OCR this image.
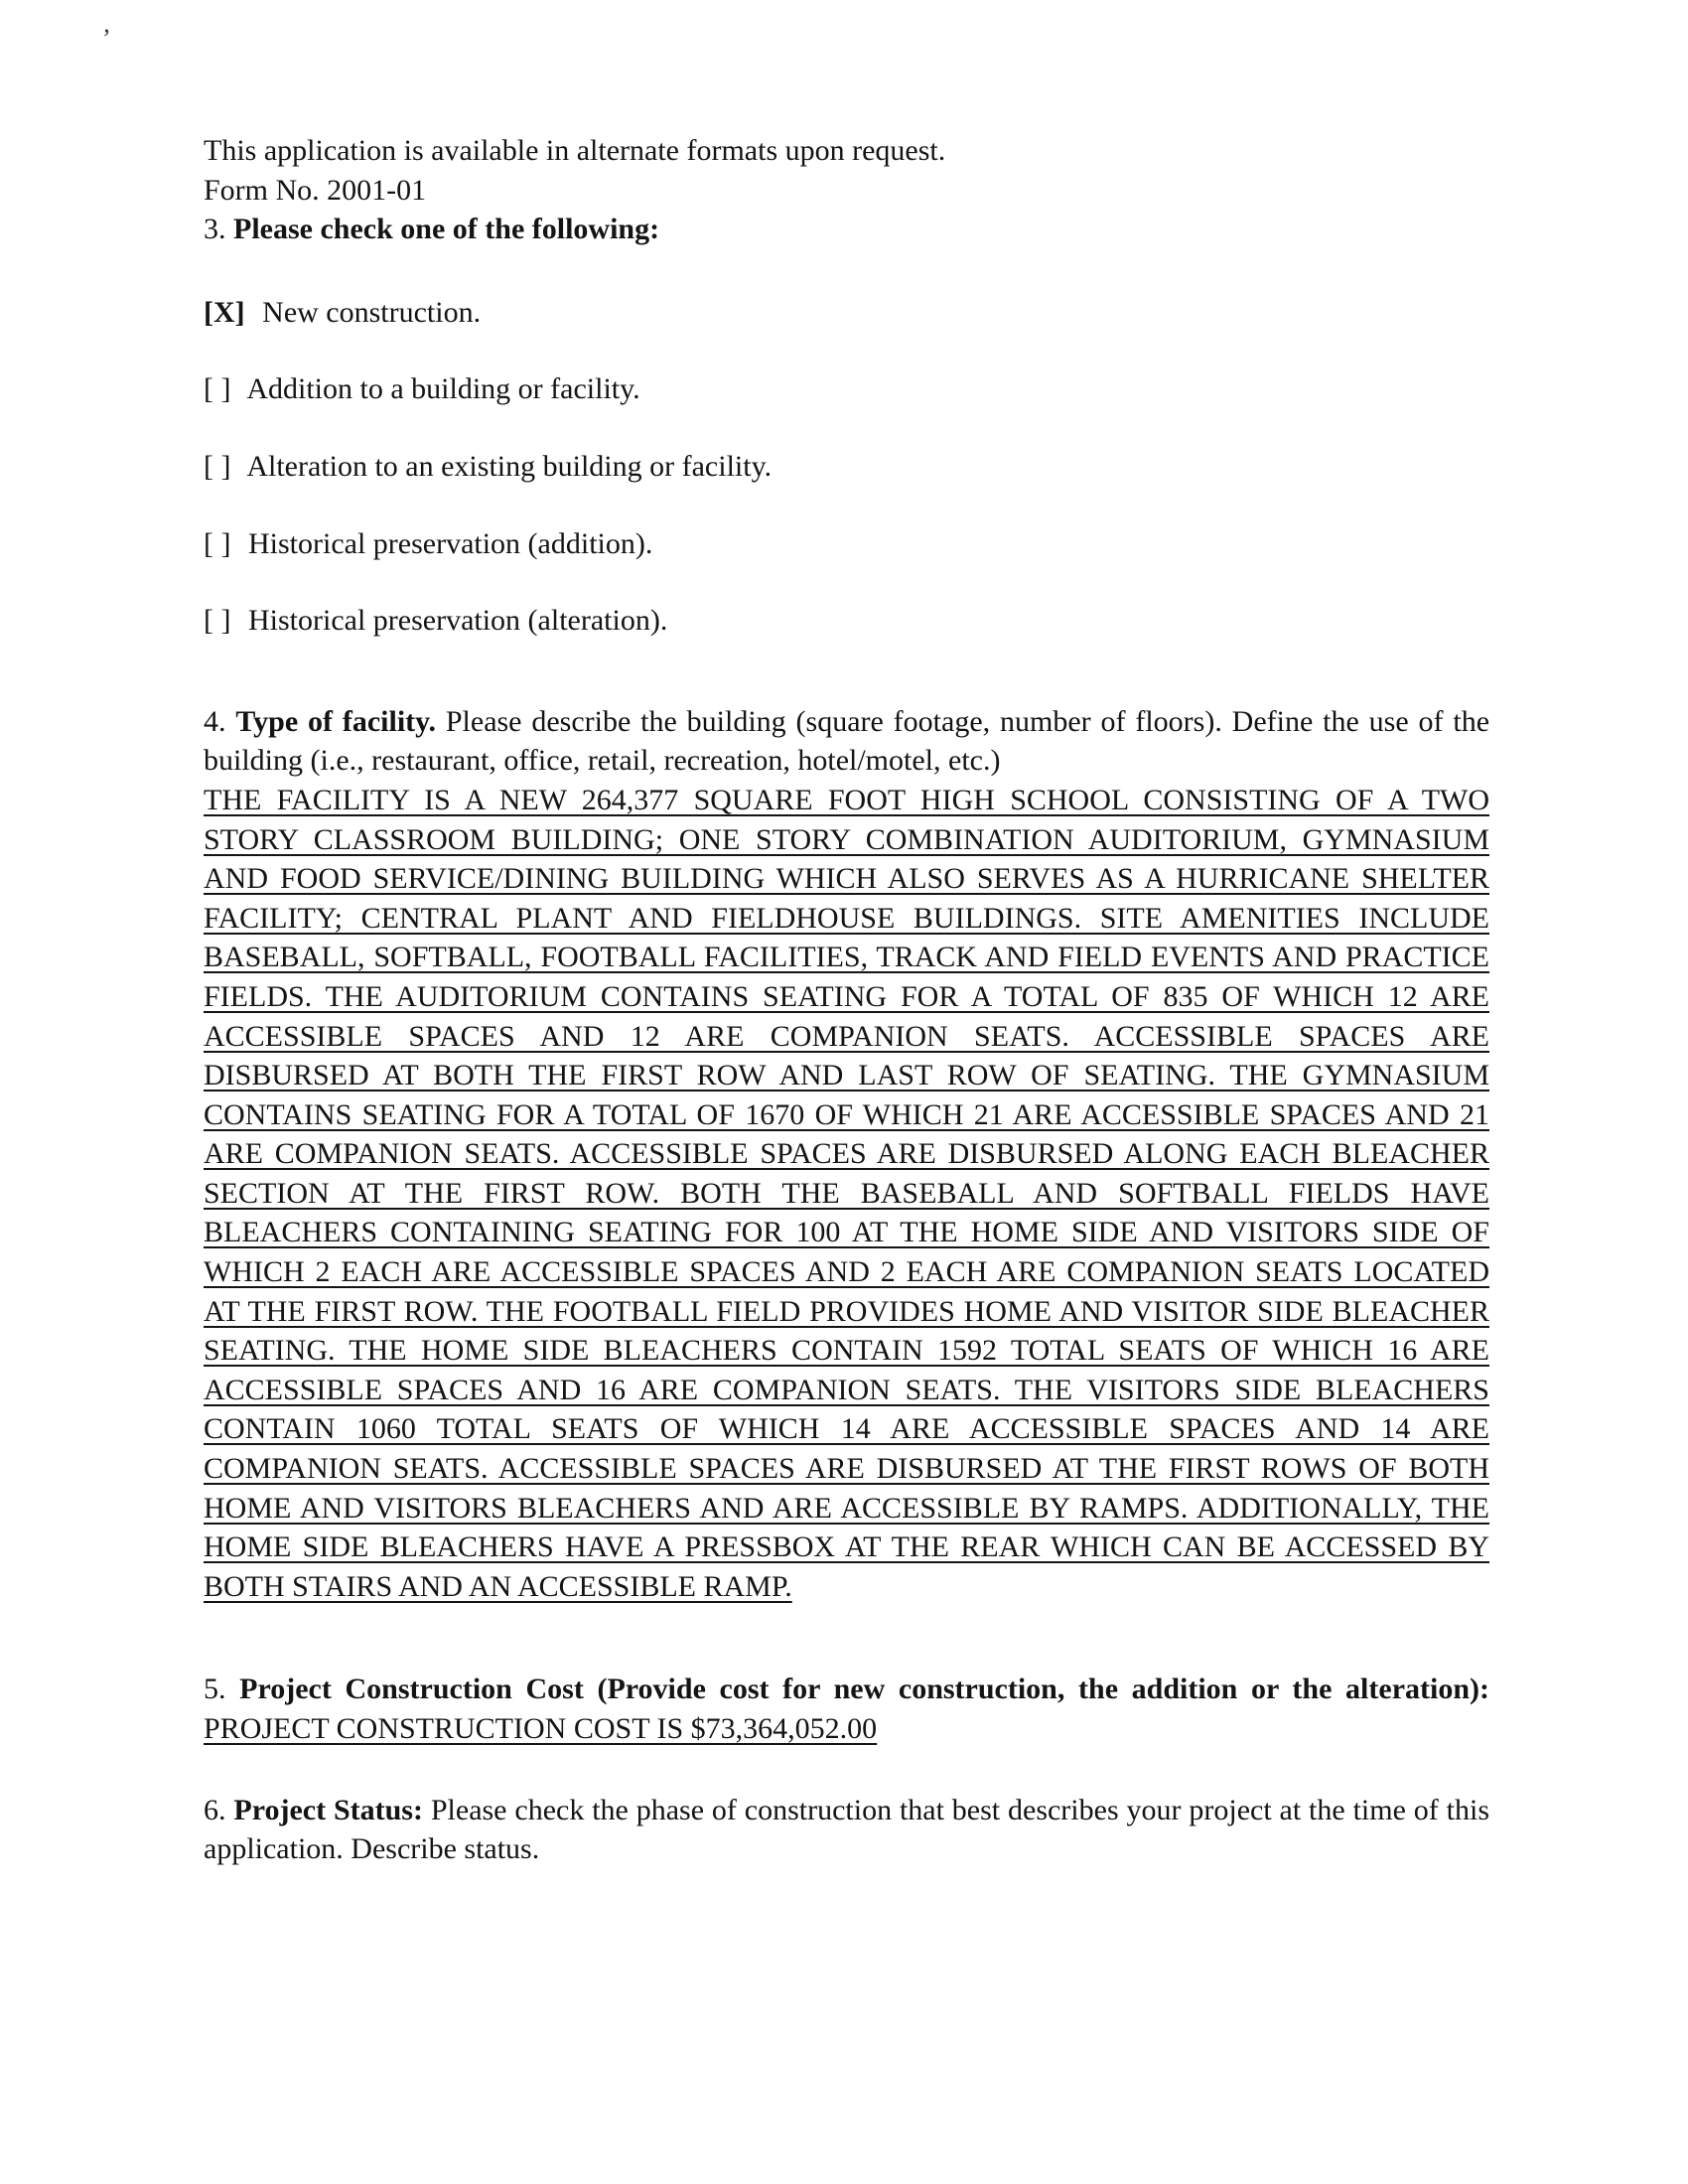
’

This application is available in alternate formats upon request.
Form No. 2001-01
3. Please check one of the following:

[X] New construction.
[ ] Addition to a building or facility.
[ ] Alteration to an existing building or facility.
[ ] Historical preservation (addition).
[ ] Historical preservation (alteration).

4. Type of facility. Please describe the building (square footage, number of floors). Define the use of the building (i.e., restaurant, office, retail, recreation, hotel/motel, etc.)

THE FACILITY IS A NEW 264,377 SQUARE FOOT HIGH SCHOOL CONSISTING OF A TWO STORY CLASSROOM BUILDING; ONE STORY COMBINATION AUDITORIUM, GYMNASIUM AND FOOD SERVICE/DINING BUILDING WHICH ALSO SERVES AS A HURRICANE SHELTER FACILITY; CENTRAL PLANT AND FIELDHOUSE BUILDINGS. SITE AMENITIES INCLUDE BASEBALL, SOFTBALL, FOOTBALL FACILITIES, TRACK AND FIELD EVENTS AND PRACTICE FIELDS. THE AUDITORIUM CONTAINS SEATING FOR A TOTAL OF 835 OF WHICH 12 ARE ACCESSIBLE SPACES AND 12 ARE COMPANION SEATS. ACCESSIBLE SPACES ARE DISBURSED AT BOTH THE FIRST ROW AND LAST ROW OF SEATING. THE GYMNASIUM CONTAINS SEATING FOR A TOTAL OF 1670 OF WHICH 21 ARE ACCESSIBLE SPACES AND 21 ARE COMPANION SEATS. ACCESSIBLE SPACES ARE DISBURSED ALONG EACH BLEACHER SECTION AT THE FIRST ROW. BOTH THE BASEBALL AND SOFTBALL FIELDS HAVE BLEACHERS CONTAINING SEATING FOR 100 AT THE HOME SIDE AND VISITORS SIDE OF WHICH 2 EACH ARE ACCESSIBLE SPACES AND 2 EACH ARE COMPANION SEATS LOCATED AT THE FIRST ROW. THE FOOTBALL FIELD PROVIDES HOME AND VISITOR SIDE BLEACHER SEATING. THE HOME SIDE BLEACHERS CONTAIN 1592 TOTAL SEATS OF WHICH 16 ARE ACCESSIBLE SPACES AND 16 ARE COMPANION SEATS. THE VISITORS SIDE BLEACHERS CONTAIN 1060 TOTAL SEATS OF WHICH 14 ARE ACCESSIBLE SPACES AND 14 ARE COMPANION SEATS. ACCESSIBLE SPACES ARE DISBURSED AT THE FIRST ROWS OF BOTH HOME AND VISITORS BLEACHERS AND ARE ACCESSIBLE BY RAMPS. ADDITIONALLY, THE HOME SIDE BLEACHERS HAVE A PRESSBOX AT THE REAR WHICH CAN BE ACCESSED BY BOTH STAIRS AND AN ACCESSIBLE RAMP.

5. Project Construction Cost (Provide cost for new construction, the addition or the alteration): PROJECT CONSTRUCTION COST IS $73,364,052.00

6. Project Status: Please check the phase of construction that best describes your project at the time of this application. Describe status.
